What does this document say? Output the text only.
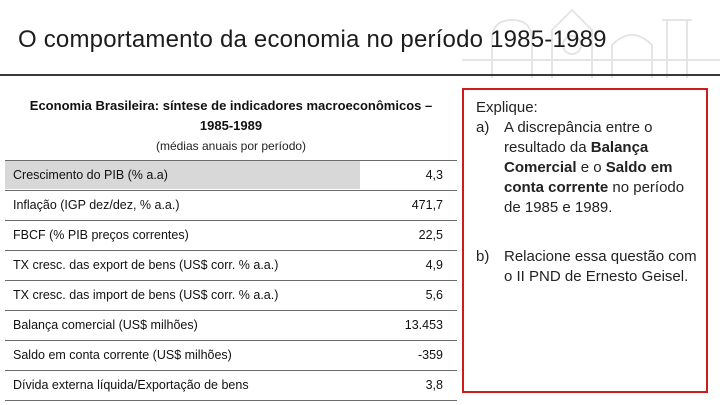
O comportamento da economia no período 1985-1989
Economia Brasileira: síntese de indicadores macroeconômicos –
1985-1989
(médias anuais por período)
Crescimento do PIB (% a.a)	4,3
Inflação (IGP dez/dez, % a.a.)	471,7
FBCF (% PIB preços correntes)	22,5
TX cresc. das export de bens (US$ corr. % a.a.)	4,9
TX cresc. das import de bens (US$ corr. % a.a.)	5,6
Balança comercial (US$ milhões)	13.453
Saldo em conta corrente (US$ milhões)	-359
Dívida externa líquida/Exportação de bens	3,8
Explique:
a) A discrepância entre o resultado da Balança Comercial e o Saldo em conta corrente no período de 1985 e 1989.
b) Relacione essa questão com o II PND de Ernesto Geisel.
